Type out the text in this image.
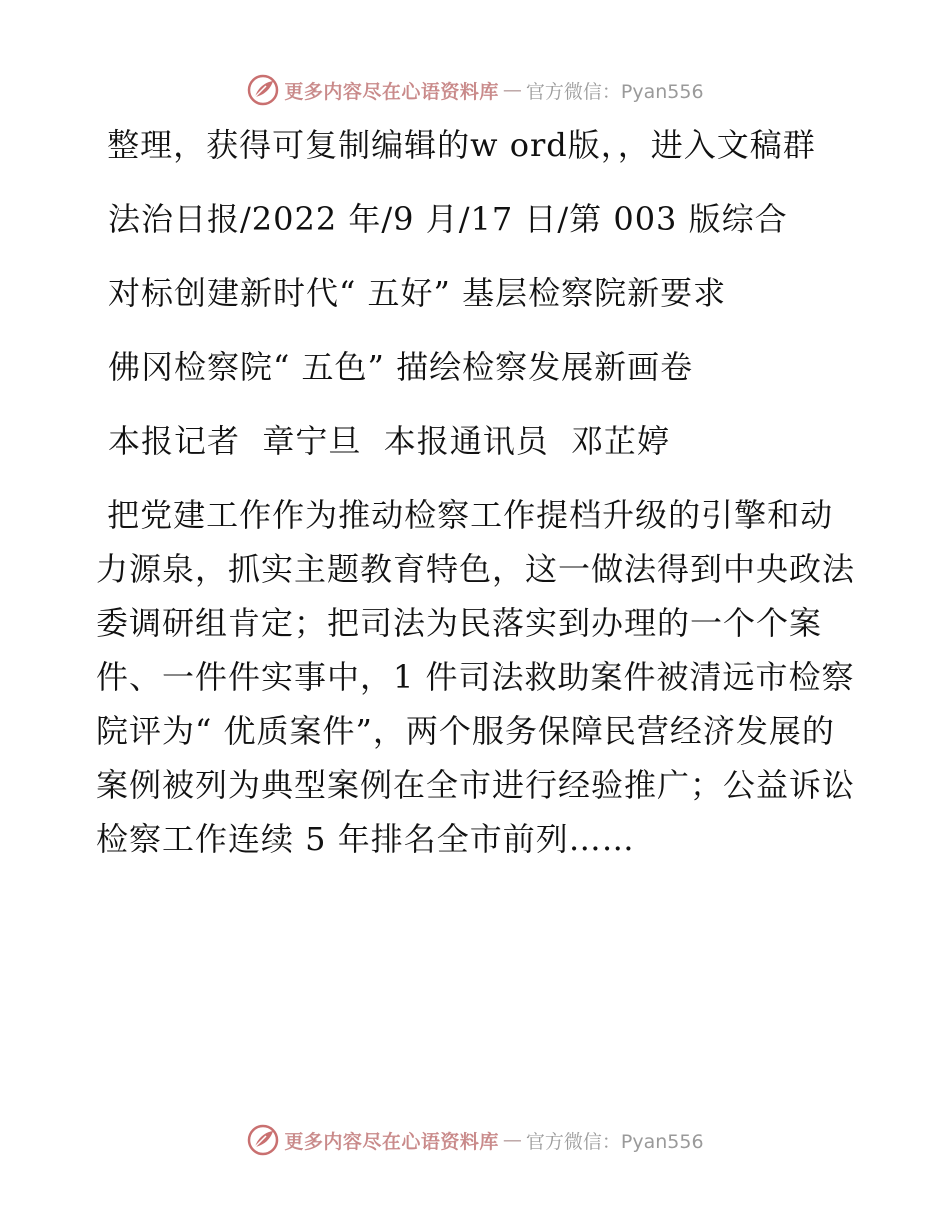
更多内容尽在心语资料库 — 官方微信：Pyan556
整理，获得可复制编辑的w ord版，，进入文稿群
法治日报/2022 年/9 月/17 日/第 003 版综合
对标创建新时代“ 五好” 基层检察院新要求
佛冈检察院“ 五色” 描绘检察发展新画卷
本报记者  章宁旦  本报通讯员  邓芷婷
把党建工作作为推动检察工作提档升级的引擎和动力源泉，抓实主题教育特色，这一做法得到中央政法委调研组肯定；把司法为民落实到办理的一个个案件、一件件实事中，1 件司法救助案件被清远市检察院评为“ 优质案件”，两个服务保障民营经济发展的案例被列为典型案例在全市进行经验推广；公益诉讼检察工作连续 5 年排名全市前列……
更多内容尽在心语资料库 — 官方微信：Pyan556
